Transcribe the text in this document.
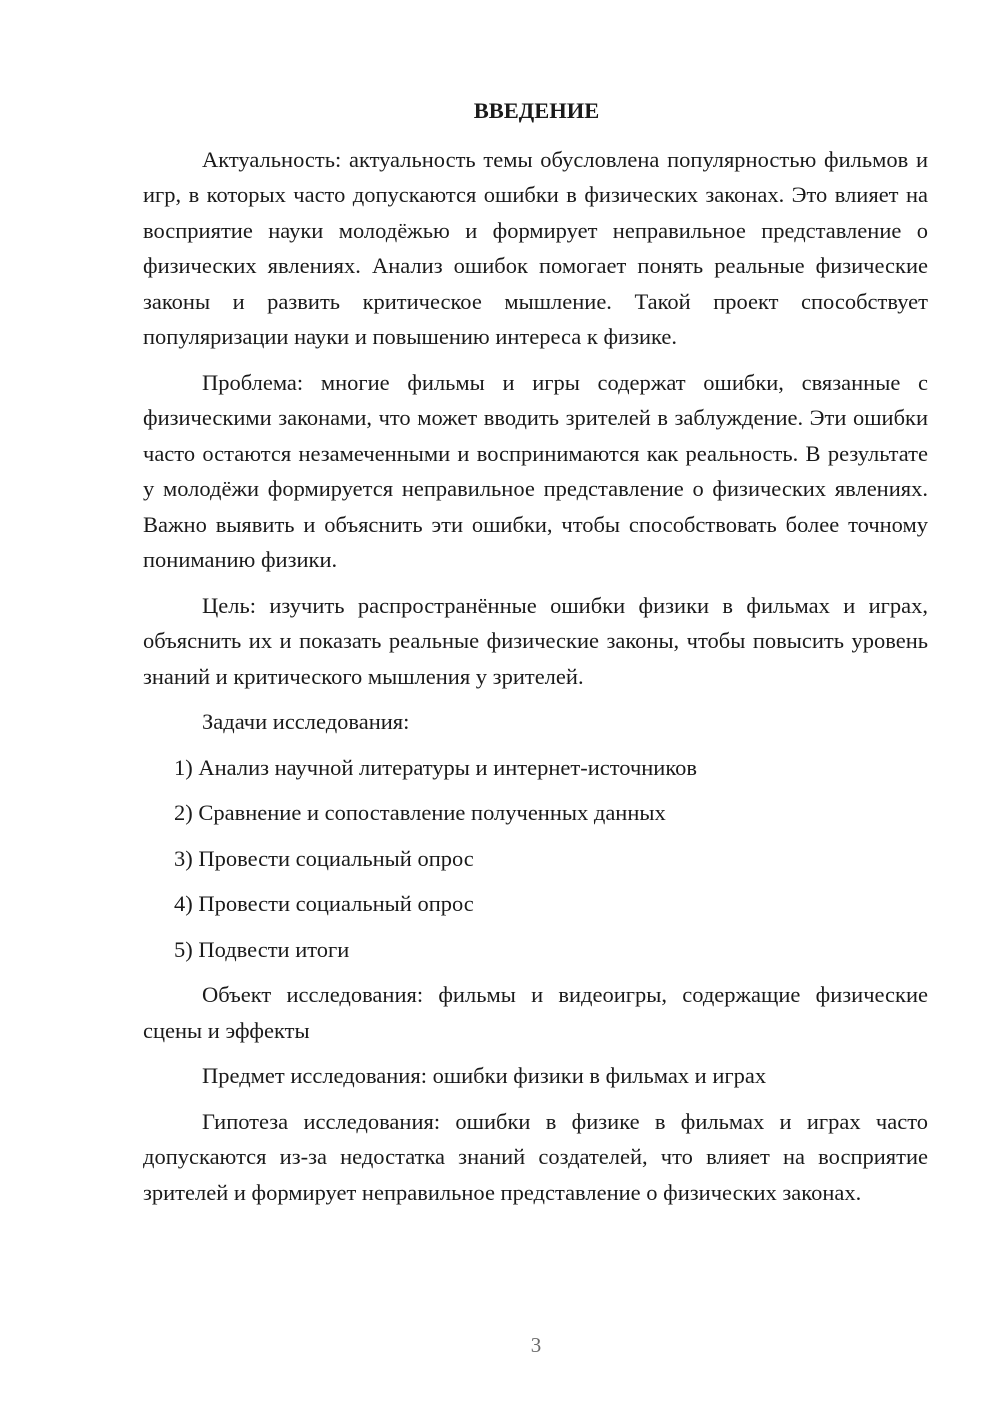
ВВЕДЕНИЕ

Актуальность: актуальность темы обусловлена популярностью фильмов и игр, в которых часто допускаются ошибки в физических законах. Это влияет на восприятие науки молодёжью и формирует неправильное представление о физических явлениях. Анализ ошибок помогает понять реальные физические законы и развить критическое мышление. Такой проект способствует популяризации науки и повышению интереса к физике.

Проблема: многие фильмы и игры содержат ошибки, связанные с физическими законами, что может вводить зрителей в заблуждение. Эти ошибки часто остаются незамеченными и воспринимаются как реальность. В результате у молодёжи формируется неправильное представление о физических явлениях. Важно выявить и объяснить эти ошибки, чтобы способствовать более точному пониманию физики.

Цель: изучить распространённые ошибки физики в фильмах и играх, объяснить их и показать реальные физические законы, чтобы повысить уровень знаний и критического мышления у зрителей.

Задачи исследования:
1) Анализ научной литературы и интернет-источников
2) Сравнение и сопоставление полученных данных
3) Провести социальный опрос
4) Провести социальный опрос
5) Подвести итоги

Объект исследования: фильмы и видеоигры, содержащие физические сцены и эффекты

Предмет исследования: ошибки физики в фильмах и играх

Гипотеза исследования: ошибки в физике в фильмах и играх часто допускаются из-за недостатка знаний создателей, что влияет на восприятие зрителей и формирует неправильное представление о физических законах.

3
